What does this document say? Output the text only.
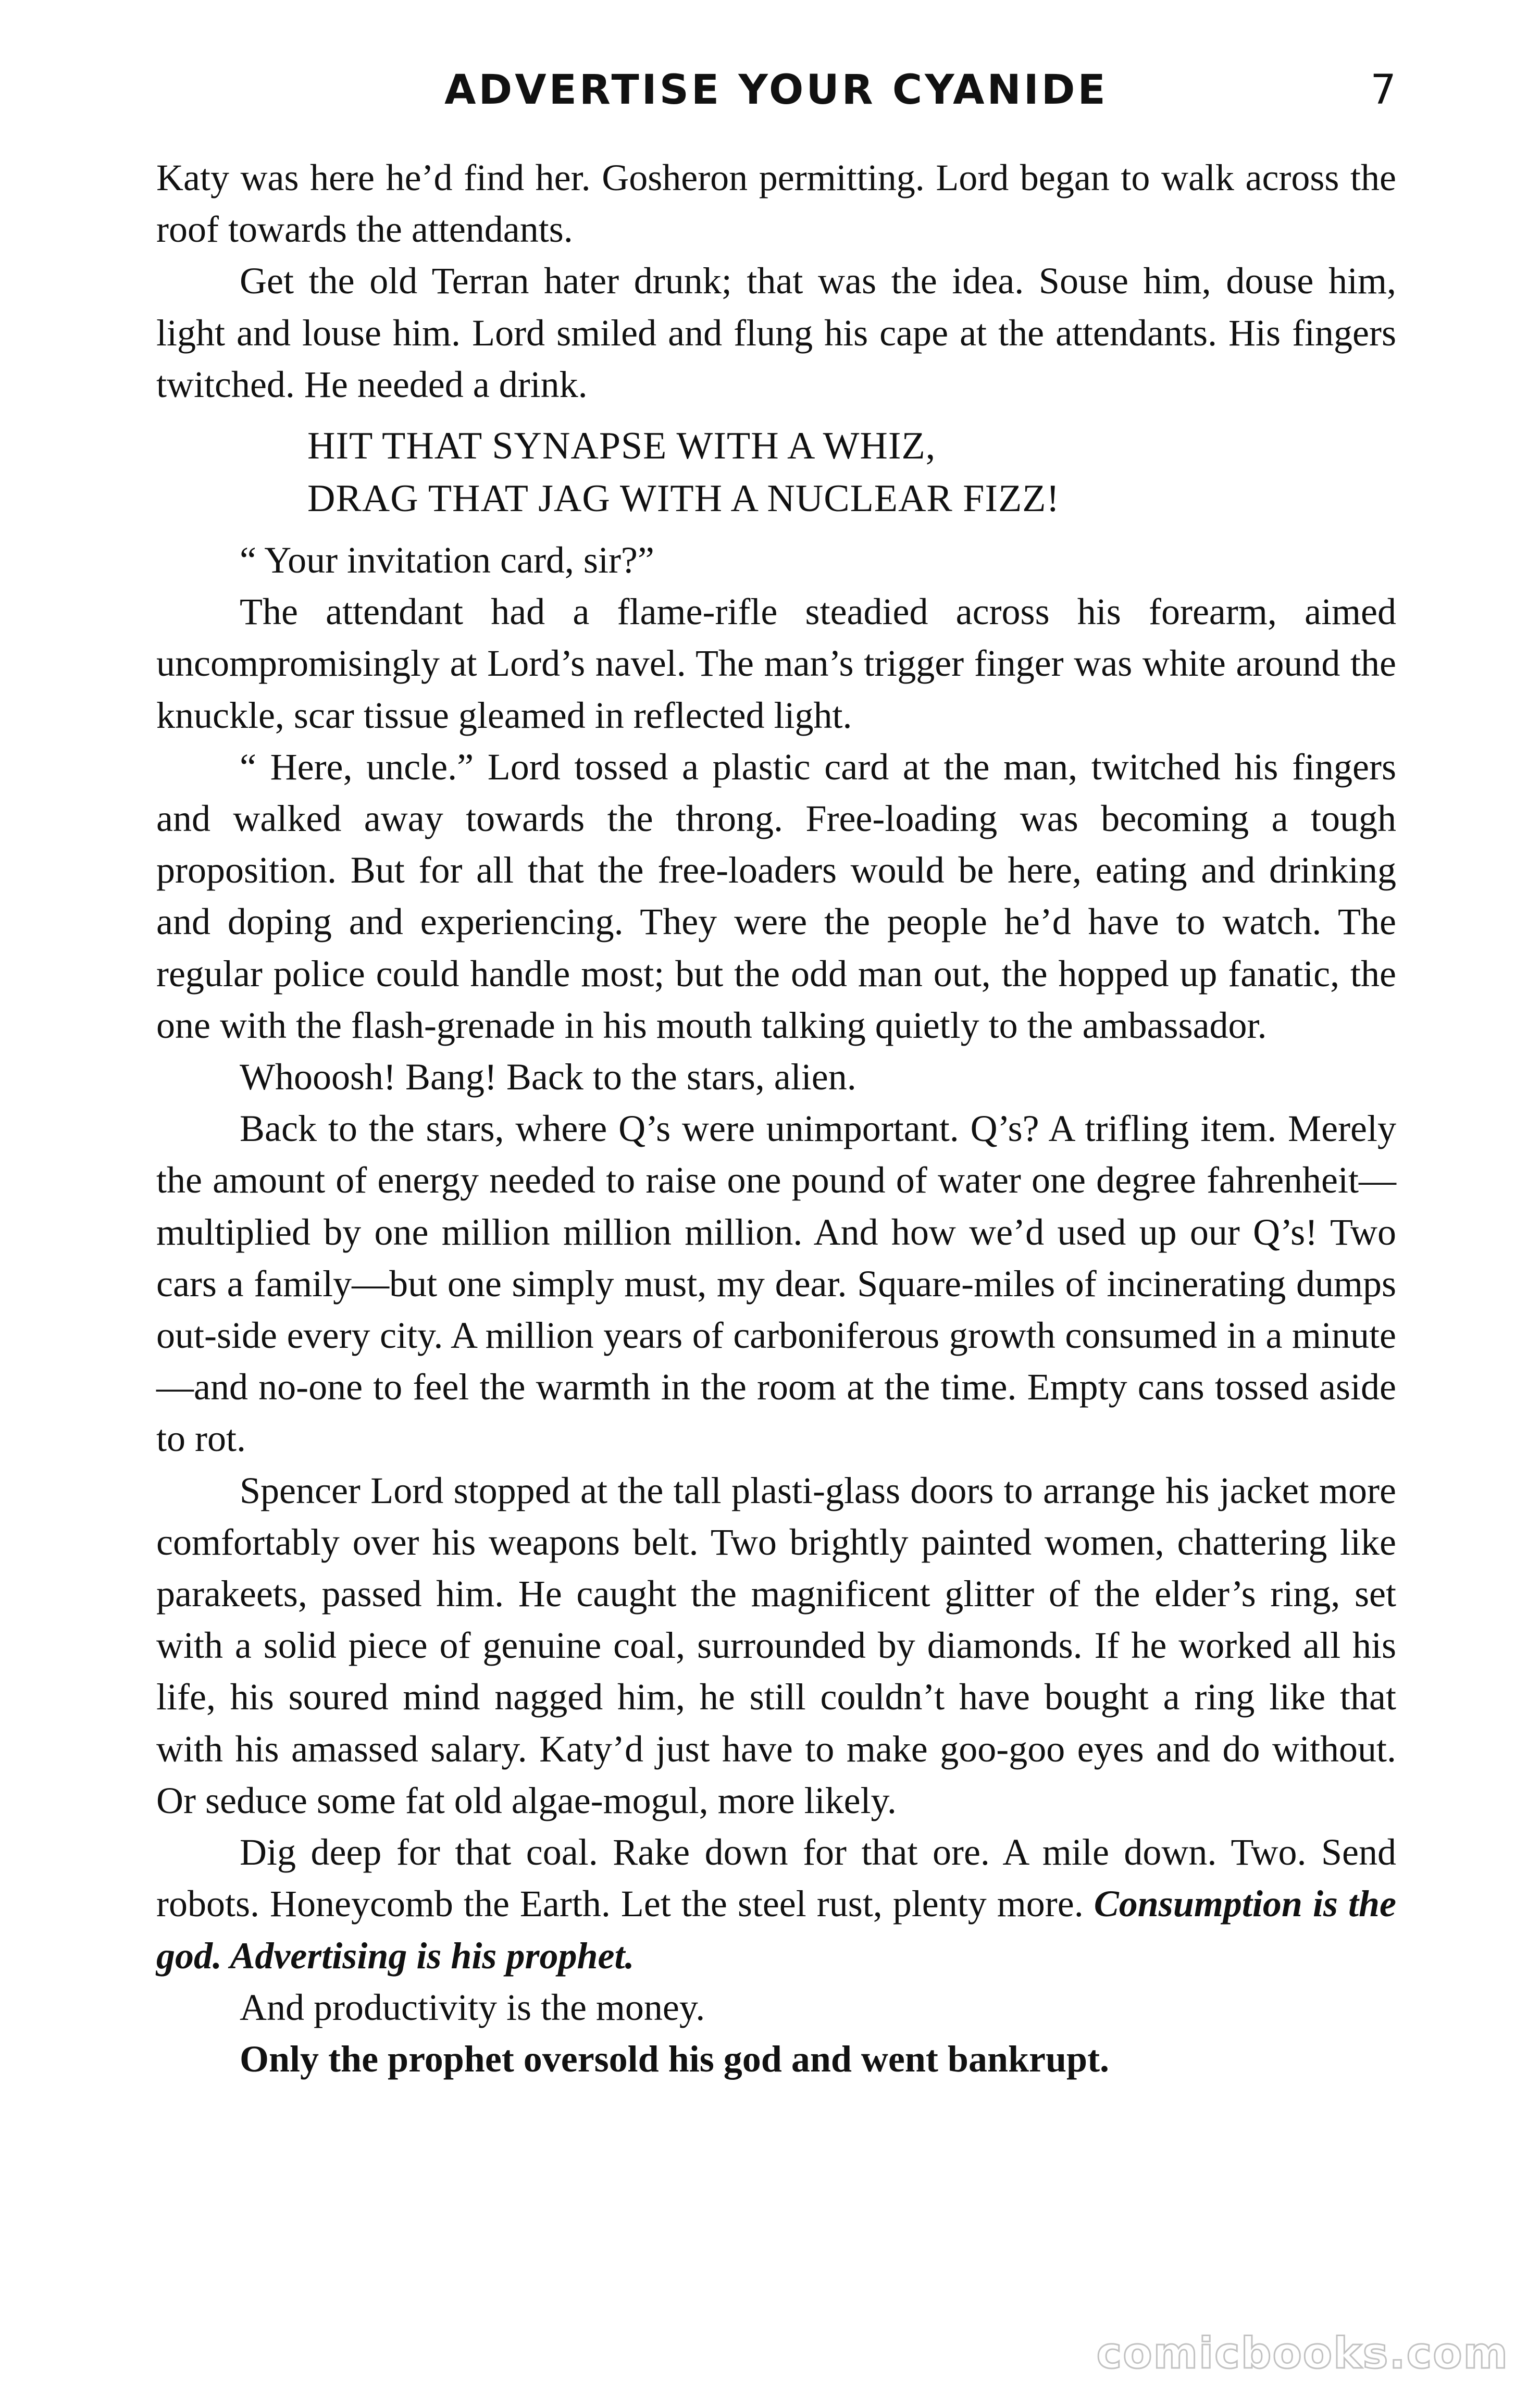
ADVERTISE YOUR CYANIDE	7

Katy was here he’d find her. Gosheron permitting. Lord began to walk across the roof towards the attendants.

Get the old Terran hater drunk; that was the idea. Souse him, douse him, light and louse him. Lord smiled and flung his cape at the attendants. His fingers twitched. He needed a drink.

HIT THAT SYNAPSE WITH A WHIZ,
DRAG THAT JAG WITH A NUCLEAR FIZZ!

“ Your invitation card, sir?”

The attendant had a flame-rifle steadied across his forearm, aimed uncompromisingly at Lord’s navel. The man’s trigger finger was white around the knuckle, scar tissue gleamed in reflected light.

“ Here, uncle.” Lord tossed a plastic card at the man, twitched his fingers and walked away towards the throng. Free-loading was becoming a tough proposition. But for all that the free-loaders would be here, eating and drinking and doping and experiencing. They were the people he’d have to watch. The regular police could handle most; but the odd man out, the hopped up fanatic, the one with the flash-grenade in his mouth talking quietly to the ambassador.

Whooosh! Bang! Back to the stars, alien.

Back to the stars, where Q’s were unimportant. Q’s? A trifling item. Merely the amount of energy needed to raise one pound of water one degree fahrenheit—multiplied by one million million million. And how we’d used up our Q’s! Two cars a family—but one simply must, my dear. Square-miles of incinerating dumps out-side every city. A million years of carboniferous growth consumed in a minute—and no-one to feel the warmth in the room at the time. Empty cans tossed aside to rot.

Spencer Lord stopped at the tall plasti-glass doors to arrange his jacket more comfortably over his weapons belt. Two brightly painted women, chattering like parakeets, passed him. He caught the magnificent glitter of the elder’s ring, set with a solid piece of genuine coal, surrounded by diamonds. If he worked all his life, his soured mind nagged him, he still couldn’t have bought a ring like that with his amassed salary. Katy’d just have to make goo-goo eyes and do without. Or seduce some fat old algae-mogul, more likely.

Dig deep for that coal. Rake down for that ore. A mile down. Two. Send robots. Honeycomb the Earth. Let the steel rust, plenty more. Consumption is the god. Advertising is his prophet.

And productivity is the money.

Only the prophet oversold his god and went bankrupt.

comicbooks.com
